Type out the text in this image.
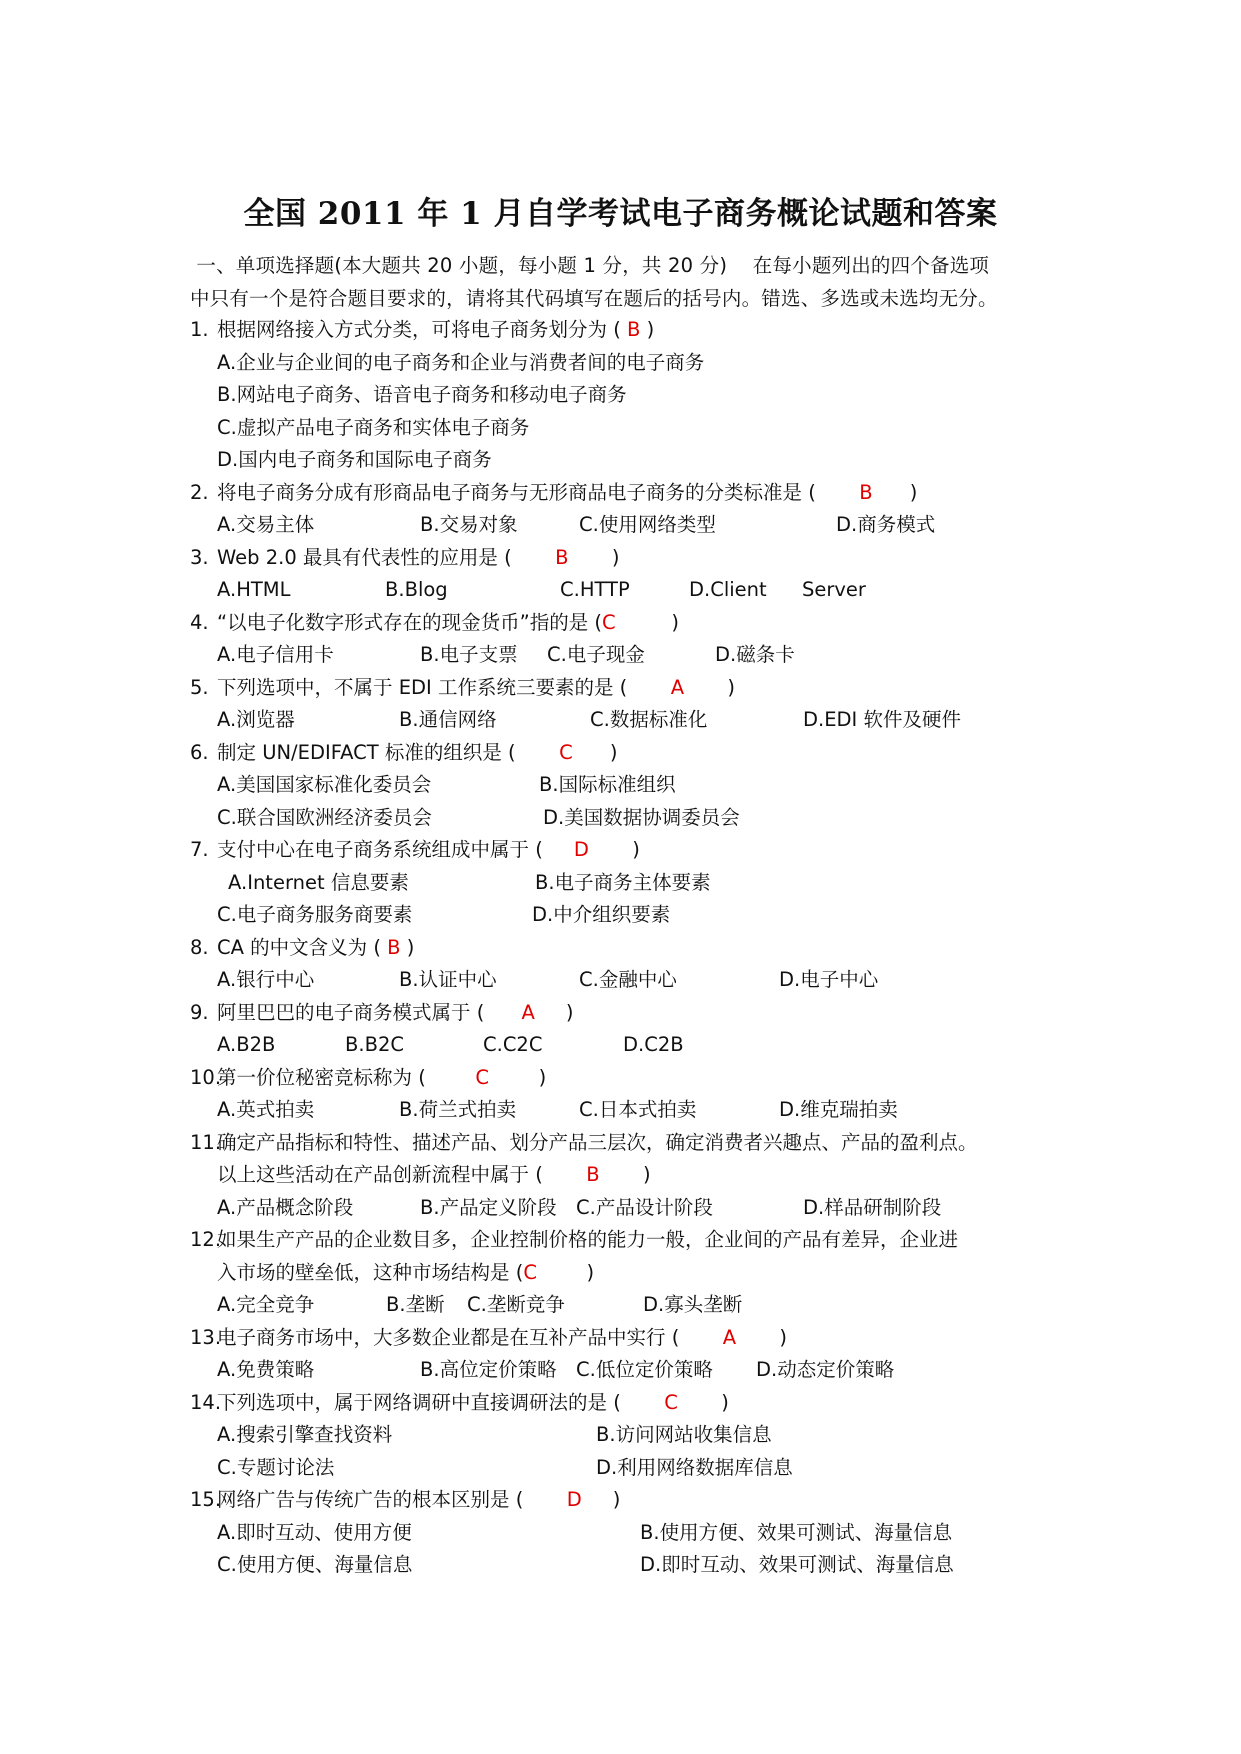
全国 2011 年 1 月自学考试电子商务概论试题和答案

一、单项选择题(本大题共 20 小题，每小题 1 分，共 20 分)    在每小题列出的四个备选项

中只有一个是符合题目要求的，请将其代码填写在题后的括号内。错选、多选或未选均无分。

1. 根据网络接入方式分类，可将电子商务划分为 ( B )
A.企业与企业间的电子商务和企业与消费者间的电子商务
B.网站电子商务、语音电子商务和移动电子商务
C.虚拟产品电子商务和实体电子商务
D.国内电子商务和国际电子商务
2. 将电子商务分成有形商品电子商务与无形商品电子商务的分类标准是 (       B      )
A.交易主体	B.交易对象	C.使用网络类型	D.商务模式
3. Web 2.0 最具有代表性的应用是 (       B       )
A.HTML	B.Blog	C.HTTP	D.Client Server
4. “以电子化数字形式存在的现金货币”指的是 (C         )
A.电子信用卡	B.电子支票 C.电子现金	D.磁条卡
5. 下列选项中，不属于 EDI 工作系统三要素的是 (       A       )
A.浏览器	B.通信网络	C.数据标准化	D.EDI 软件及硬件
6. 制定 UN/EDIFACT 标准的组织是 (       C      )
A.美国国家标准化委员会	B.国际标准组织
C.联合国欧洲经济委员会	D.美国数据协调委员会
7. 支付中心在电子商务系统组成中属于 (     D       )
A.Internet 信息要素	B.电子商务主体要素
C.电子商务服务商要素	D.中介组织要素
8. CA 的中文含义为 ( B )
A.银行中心	B.认证中心	C.金融中心	D.电子中心
9. 阿里巴巴的电子商务模式属于 (      A     )
A.B2B	B.B2C	C.C2C	D.C2B
10.
第一价位秘密竞标称为 (        C        )
A.英式拍卖	B.荷兰式拍卖	C.日本式拍卖	D.维克瑞拍卖
11.
确定产品指标和特性、描述产品、划分产品三层次，确定消费者兴趣点、产品的盈利点。
以上这些活动在产品创新流程中属于 (       B       )
A.产品概念阶段	B.产品定义阶段 C.产品设计阶段	D.样品研制阶段
12.
如果生产产品的企业数目多，企业控制价格的能力一般，企业间的产品有差异，企业进
入市场的壁垒低，这种市场结构是 (C        )
A.完全竞争	B.垄断 C.垄断竞争	D.寡头垄断
13.
电子商务市场中，大多数企业都是在互补产品中实行 (       A       )
A.免费策略	B.高位定价策略 C.低位定价策略 D.动态定价策略
14.
下列选项中，属于网络调研中直接调研法的是 (       C       )
A.搜索引擎查找资料	B.访问网站收集信息
C.专题讨论法	D.利用网络数据库信息
15.
网络广告与传统广告的根本区别是 (       D     )
A.即时互动、使用方便	B.使用方便、效果可测试、海量信息
C.使用方便、海量信息	D.即时互动、效果可测试、海量信息
